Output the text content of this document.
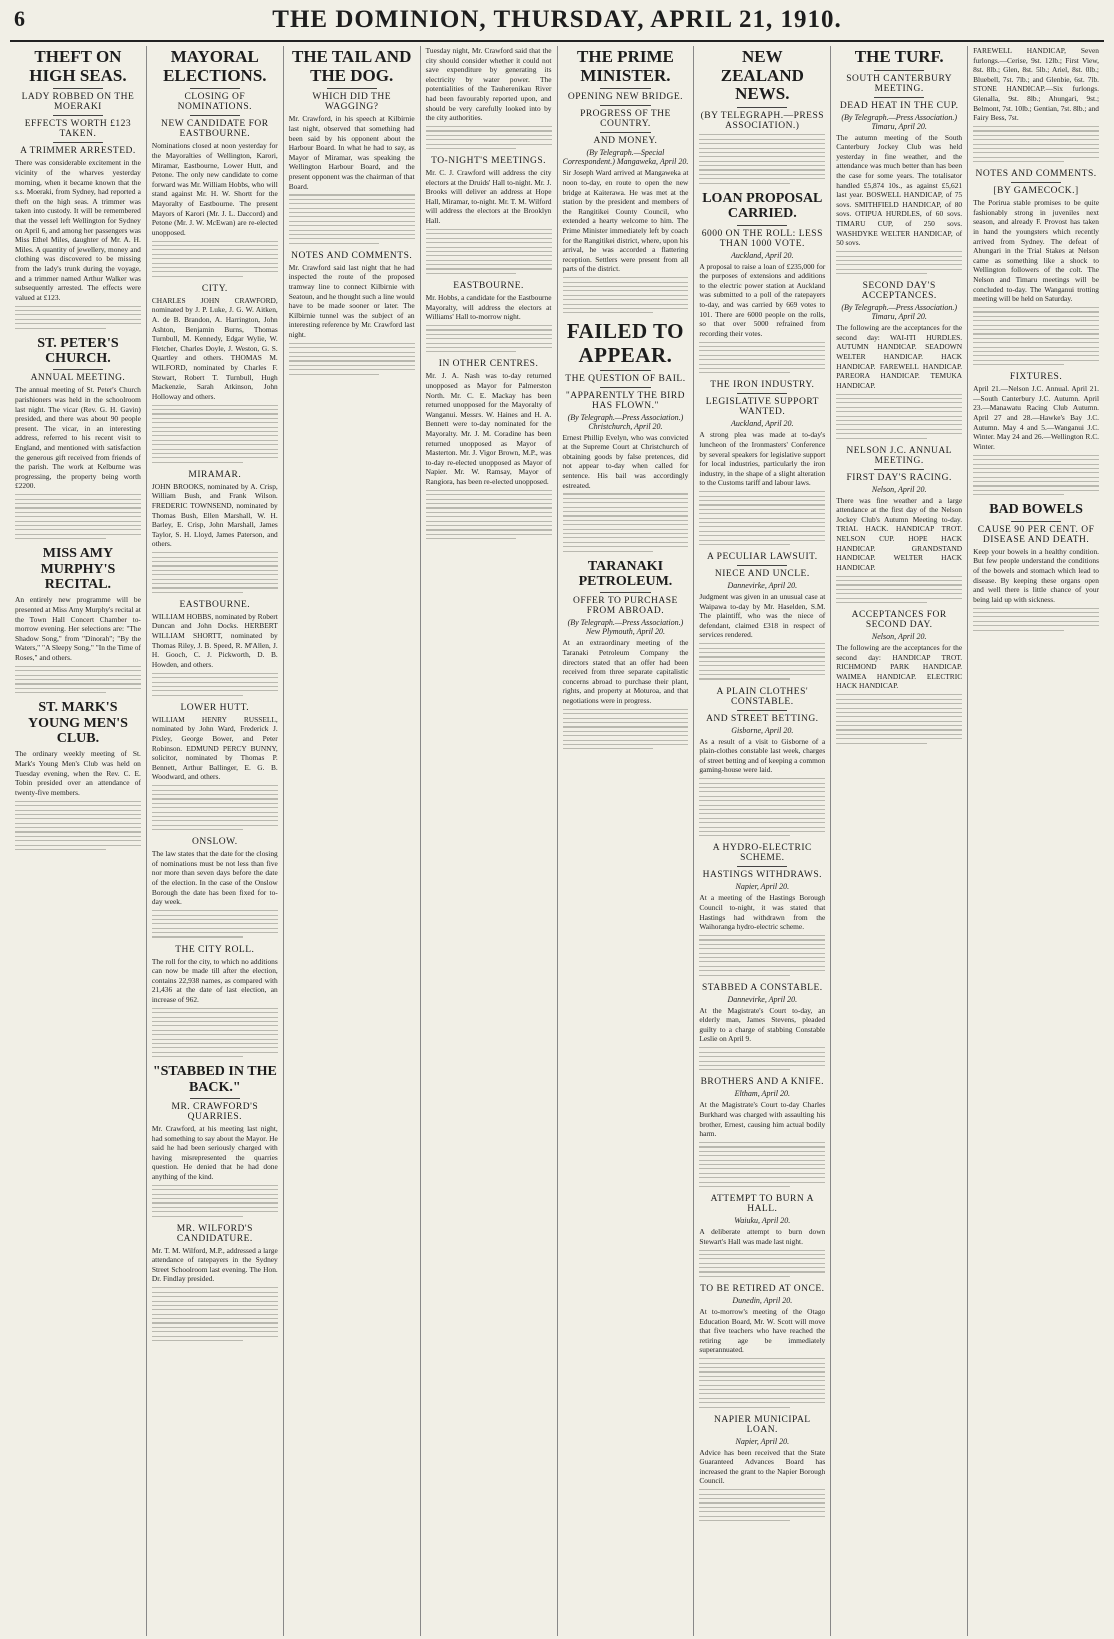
6	THE DOMINION, THURSDAY, APRIL 21, 1910.
THEFT ON HIGH SEAS.
LADY ROBBED ON THE MOERAKI
EFFECTS WORTH £123 TAKEN.
A TRIMMER ARRESTED.

There was considerable excitement in the vicinity of the wharves yesterday morning, when it became known that the s.s. Moeraki, from Sydney, had reported a theft on the high seas. A trimmer was taken into custody. It will be remembered that the vessel left Wellington for Sydney on April 6, and among her passengers was Miss Ethel Miles, daughter of Mr. A. H. Miles. A quantity of jewellery, money and clothing was discovered to be missing from the lady's trunk during the voyage, and a trimmer named Arthur Walker was subsequently arrested. The effects were valued at £123.

ST. PETER'S CHURCH.
ANNUAL MEETING.

The annual meeting of St. Peter's Church parishioners was held in the schoolroom last night. The vicar (Rev. G. H. Gavin) presided, and there was about 90 people present. The vicar, in an interesting address, referred to his recent visit to England, and mentioned with satisfaction the generous gift received from friends of the parish. The work at Kelburne was progressing, the property being worth £2200.

MISS AMY MURPHY'S RECITAL.

An entirely new programme will be presented at Miss Amy Murphy's recital at the Town Hall Concert Chamber to-morrow evening. Her selections are: "The Shadow Song," from "Dinorah"; "By the Waters," "A Sleepy Song," "In the Time of Roses," and others.

ST. MARK'S YOUNG MEN'S CLUB.

The ordinary weekly meeting of St. Mark's Young Men's Club was held on Tuesday evening, when the Rev. C. E. Tobin presided over an attendance of twenty-five members.

MAYORAL ELECTIONS.
CLOSING OF NOMINATIONS.
NEW CANDIDATE FOR EASTBOURNE.

Nominations closed at noon yesterday for the Mayoralties of Wellington, Karori, Miramar, Eastbourne, Lower Hutt, and Petone. The only new candidate to come forward was Mr. William Hobbs, who will stand against Mr. H. W. Shortt for the Mayoralty of Eastbourne. The present Mayors of Karori (Mr. J. L. Daccord) and Petone (Mr. J. W. McEwan) are re-elected unopposed.

CITY.

CHARLES JOHN CRAWFORD, nominated by J. P. Luke, J. G. W. Aitken, A. de B. Brandon, A. Harrington, John Ashton, Benjamin Burns, Thomas Turnbull, M. Kennedy, Edgar Wylie, W. Fletcher, Charles Doyle, J. Weston, G. S. Quartley and others. THOMAS M. WILFORD, nominated by Charles F. Stewart, Robert T. Turnbull, Hugh Mackenzie, Sarah Atkinson, John Holloway and others.

MIRAMAR.

JOHN BROOKS, nominated by A. Crisp, William Bush, and Frank Wilson. FREDERIC TOWNSEND, nominated by Thomas Bush, Ellen Marshall, W. H. Barley, E. Crisp, John Marshall, James Taylor, S. H. Lloyd, James Paterson, and others.

EASTBOURNE.

WILLIAM HOBBS, nominated by Robert Duncan and John Docks. HERBERT WILLIAM SHORTT, nominated by Thomas Riley, J. B. Speed, R. M'Allen, J. H. Gooch, C. J. Pickworth, D. B. Howden, and others.

LOWER HUTT.

WILLIAM HENRY RUSSELL, nominated by John Ward, Frederick J. Pixley, George Bower, and Peter Robinson. EDMUND PERCY BUNNY, solicitor, nominated by Thomas P. Bennett, Arthur Ballinger, E. G. B. Woodward, and others.

ONSLOW.

The law states that the date for the closing of nominations must be not less than five nor more than seven days before the date of the election. In the case of the Onslow Borough the date has been fixed for to-day week.

THE CITY ROLL.

The roll for the city, to which no additions can now be made till after the election, contains 22,938 names, as compared with 21,436 at the date of last election, an increase of 962.

"STABBED IN THE BACK."
MR. CRAWFORD'S QUARRIES.

Mr. Crawford, at his meeting last night, had something to say about the Mayor. He said he had been seriously charged with having misrepresented the quarries question. He denied that he had done anything of the kind.

MR. WILFORD'S CANDIDATURE.

Mr. T. M. Wilford, M.P., addressed a large attendance of ratepayers in the Sydney Street Schoolroom last evening. The Hon. Dr. Findlay presided.

THE TAIL AND THE DOG.
WHICH DID THE WAGGING?

Mr. Crawford, in his speech at Kilbirnie last night, observed that something had been said by his opponent about the Harbour Board. In what he had to say, as Mayor of Miramar, was speaking the Wellington Harbour Board, and the present opponent was the chairman of that Board.

NOTES AND COMMENTS.

Mr. Crawford said last night that he had inspected the route of the proposed tramway line to connect Kilbirnie with Seatoun, and he thought such a line would have to be made sooner or later. The Kilbirnie tunnel was the subject of an interesting reference by Mr. Crawford last night.

Tuesday night, Mr. Crawford said that the city should consider whether it could not save expenditure by generating its electricity by water power. The potentialities of the Tauherenikau River had been favourably reported upon, and should be very carefully looked into by the city authorities.

TO-NIGHT'S MEETINGS.

Mr. C. J. Crawford will address the city electors at the Druids' Hall to-night. Mr. J. Brooks will deliver an address at Hope Hall, Miramar, to-night. Mr. T. M. Wilford will address the electors at the Brooklyn Hall.

EASTBOURNE.

Mr. Hobbs, a candidate for the Eastbourne Mayoralty, will address the electors at Williams' Hall to-morrow night.

IN OTHER CENTRES.

Mr. J. A. Nash was to-day returned unopposed as Mayor for Palmerston North. Mr. C. E. Mackay has been returned unopposed for the Mayoralty of Wanganui. Messrs. W. Haines and H. A. Bennett were to-day nominated for the Mayoralty. Mr. J. M. Coradine has been returned unopposed as Mayor of Masterton. Mr. J. Vigor Brown, M.P., was to-day re-elected unopposed as Mayor of Napier. Mr. W. Ramsay, Mayor of Rangiora, has been re-elected unopposed.

THE PRIME MINISTER.
OPENING NEW BRIDGE.
PROGRESS OF THE COUNTRY.
AND MONEY.
(By Telegraph.—Special Correspondent.) Mangaweka, April 20.

Sir Joseph Ward arrived at Mangaweka at noon to-day, en route to open the new bridge at Kaiterawa. He was met at the station by the president and members of the Rangitikei County Council, who extended a hearty welcome to him. The Prime Minister immediately left by coach for the Rangitikei district, where, upon his arrival, he was accorded a flattering reception. Settlers were present from all parts of the district.

FAILED TO APPEAR.
THE QUESTION OF BAIL.
"APPARENTLY THE BIRD HAS FLOWN."
(By Telegraph.—Press Association.) Christchurch, April 20.

Ernest Phillip Evelyn, who was convicted at the Supreme Court at Christchurch of obtaining goods by false pretences, did not appear to-day when called for sentence. His bail was accordingly estreated.

TARANAKI PETROLEUM.
OFFER TO PURCHASE FROM ABROAD.
(By Telegraph.—Press Association.) New Plymouth, April 20.

At an extraordinary meeting of the Taranaki Petroleum Company the directors stated that an offer had been received from three separate capitalistic concerns abroad to purchase their plant, rights, and property at Moturoa, and that negotiations were in progress.

NEW ZEALAND NEWS.
(BY TELEGRAPH.—PRESS ASSOCIATION.)
LOAN PROPOSAL CARRIED.
6000 ON THE ROLL: LESS THAN 1000 VOTE.
Auckland, April 20.

A proposal to raise a loan of £235,000 for the purposes of extensions and additions to the electric power station at Auckland was submitted to a poll of the ratepayers to-day, and was carried by 669 votes to 101. There are 6000 people on the rolls, so that over 5000 refrained from recording their votes.

THE IRON INDUSTRY.
LEGISLATIVE SUPPORT WANTED.
Auckland, April 20.

A strong plea was made at to-day's luncheon of the Ironmasters' Conference by several speakers for legislative support for local industries, particularly the iron industry, in the shape of a slight alteration to the Customs tariff and labour laws.

A PECULIAR LAWSUIT.
NIECE AND UNCLE.
Dannevirke, April 20.

Judgment was given in an unusual case at Waipawa to-day by Mr. Haselden, S.M. The plaintiff, who was the niece of defendant, claimed £318 in respect of services rendered.

A PLAIN CLOTHES' CONSTABLE.
AND STREET BETTING.
Gisborne, April 20.

As a result of a visit to Gisborne of a plain-clothes constable last week, charges of street betting and of keeping a common gaming-house were laid.

A HYDRO-ELECTRIC SCHEME.
HASTINGS WITHDRAWS.
Napier, April 20.

At a meeting of the Hastings Borough Council to-night, it was stated that Hastings had withdrawn from the Waihoranga hydro-electric scheme.

STABBED A CONSTABLE.
Dannevirke, April 20.

At the Magistrate's Court to-day, an elderly man, James Stevens, pleaded guilty to a charge of stabbing Constable Leslie on April 9.

BROTHERS AND A KNIFE.
Eltham, April 20.

At the Magistrate's Court to-day Charles Burkhard was charged with assaulting his brother, Ernest, causing him actual bodily harm.

ATTEMPT TO BURN A HALL.
Waiuku, April 20.

A deliberate attempt to burn down Stewart's Hall was made last night.

TO BE RETIRED AT ONCE.
Dunedin, April 20.

At to-morrow's meeting of the Otago Education Board, Mr. W. Scott will move that five teachers who have reached the retiring age be immediately superannuated.

NAPIER MUNICIPAL LOAN.
Napier, April 20.

Advice has been received that the State Guaranteed Advances Board has increased the grant to the Napier Borough Council.

THE TURF.
SOUTH CANTERBURY MEETING.
DEAD HEAT IN THE CUP.
(By Telegraph.—Press Association.) Timaru, April 20.

The autumn meeting of the South Canterbury Jockey Club was held yesterday in fine weather, and the attendance was much better than has been the case for some years. The totalisator handled £5,874 10s., as against £5,621 last year. BOSWELL HANDICAP, of 75 sovs. SMITHFIELD HANDICAP, of 80 sovs. OTIPUA HURDLES, of 60 sovs. TIMARU CUP, of 250 sovs. WASHDYKE WELTER HANDICAP, of 50 sovs.

SECOND DAY'S ACCEPTANCES.
(By Telegraph.—Press Association.) Timaru, April 20.

The following are the acceptances for the second day: WAI-ITI HURDLES. AUTUMN HANDICAP. SEADOWN WELTER HANDICAP. HACK HANDICAP. FAREWELL HANDICAP. PAREORA HANDICAP. TEMUKA HANDICAP.

NELSON J.C. ANNUAL MEETING.
FIRST DAY'S RACING.
Nelson, April 20.

There was fine weather and a large attendance at the first day of the Nelson Jockey Club's Autumn Meeting to-day. TRIAL HACK. HANDICAP TROT. NELSON CUP. HOPE HACK HANDICAP. GRANDSTAND HANDICAP. WELTER HACK HANDICAP.

ACCEPTANCES FOR SECOND DAY.
Nelson, April 20.

The following are the acceptances for the second day: HANDICAP TROT. RICHMOND PARK HANDICAP. WAIMEA HANDICAP. ELECTRIC HACK HANDICAP.

FAREWELL HANDICAP, Seven furlongs.—Cerise, 9st. 12lb.; First View, 8st. 8lb.; Glen, 8st. 5lb.; Ariel, 8st. 0lb.; Bluebell, 7st. 7lb.; and Glenbie, 6st. 7lb. STONE HANDICAP.—Six furlongs. Glenalla, 9st. 8lb.; Ahungari, 9st.; Belmont, 7st. 10lb.; Gentian, 7st. 8lb.; and Fairy Bess, 7st.

NOTES AND COMMENTS.
[BY GAMECOCK.]

The Porirua stable promises to be quite fashionably strong in juveniles next season, and already F. Provost has taken in hand the youngsters which recently arrived from Sydney. The defeat of Ahungari in the Trial Stakes at Nelson came as something like a shock to Wellington followers of the colt. The Nelson and Timaru meetings will be concluded to-day. The Wanganui trotting meeting will be held on Saturday.

FIXTURES.

April 21.—Nelson J.C. Annual. April 21.—South Canterbury J.C. Autumn. April 23.—Manawatu Racing Club Autumn. April 27 and 28.—Hawke's Bay J.C. Autumn. May 4 and 5.—Wanganui J.C. Winter. May 24 and 26.—Wellington R.C. Winter.

BAD BOWELS
CAUSE 90 PER CENT. OF DISEASE AND DEATH.

Keep your bowels in a healthy condition. But few people understand the conditions of the bowels and stomach which lead to disease. By keeping these organs open and well there is little chance of your being laid up with sickness.
